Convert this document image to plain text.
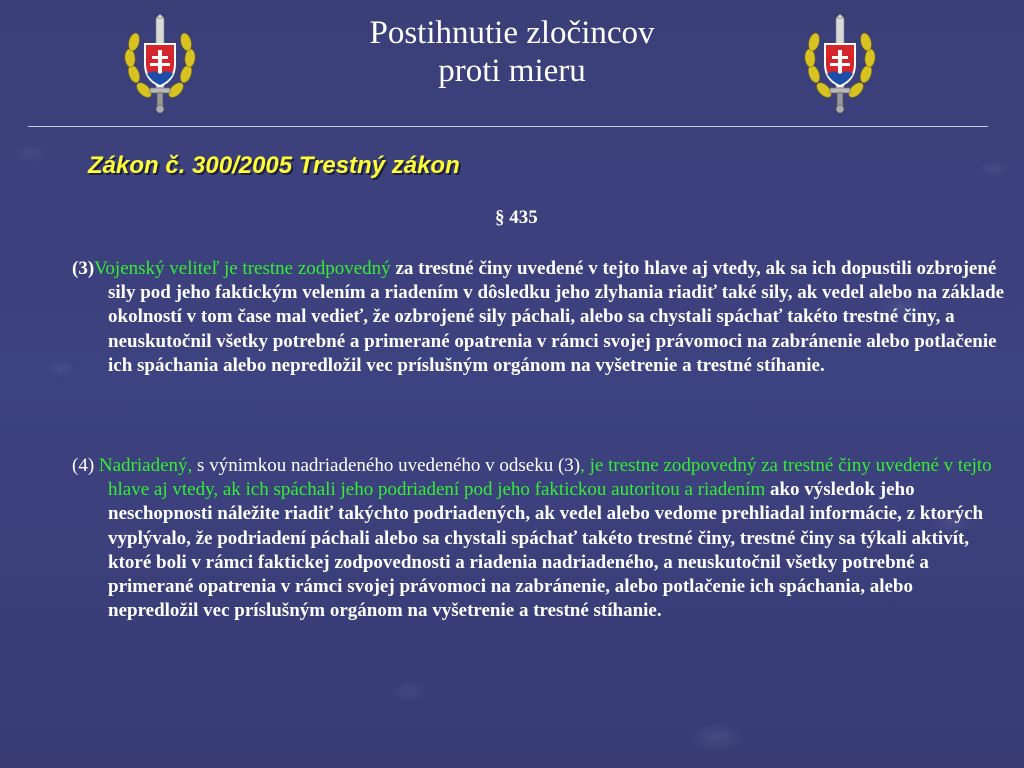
Postihnutie zločincov
proti mieru
Zákon č. 300/2005 Trestný zákon
§ 435
(3)Vojenský veliteľ je trestne zodpovedný za trestné činy uvedené v tejto hlave aj vtedy, ak sa ich dopustili ozbrojené sily pod jeho faktickým velením a riadením v dôsledku jeho zlyhania riadiť také sily, ak vedel alebo na základe okolností v tom čase mal vedieť, že ozbrojené sily páchali, alebo sa chystali spáchať takéto trestné činy, a neuskutočnil všetky potrebné a primerané opatrenia v rámci svojej právomoci na zabránenie alebo potlačenie ich spáchania alebo nepredložil vec príslušným orgánom na vyšetrenie a trestné stíhanie.
(4) Nadriadený, s výnimkou nadriadeného uvedeného v odseku (3), je trestne zodpovedný za trestné činy uvedené v tejto hlave aj vtedy, ak ich spáchali jeho podriadení pod jeho faktickou autoritou a riadením ako výsledok jeho neschopnosti náležite riadiť takýchto podriadených, ak vedel alebo vedome prehliadal informácie, z ktorých vyplývalo, že podriadení páchali alebo sa chystali spáchať takéto trestné činy, trestné činy sa týkali aktivít, ktoré boli v rámci faktickej zodpovednosti a riadenia nadriadeného, a neuskutočnil všetky potrebné a primerané opatrenia v rámci svojej právomoci na zabránenie, alebo potlačenie ich spáchania, alebo nepredložil vec príslušným orgánom na vyšetrenie a trestné stíhanie.
